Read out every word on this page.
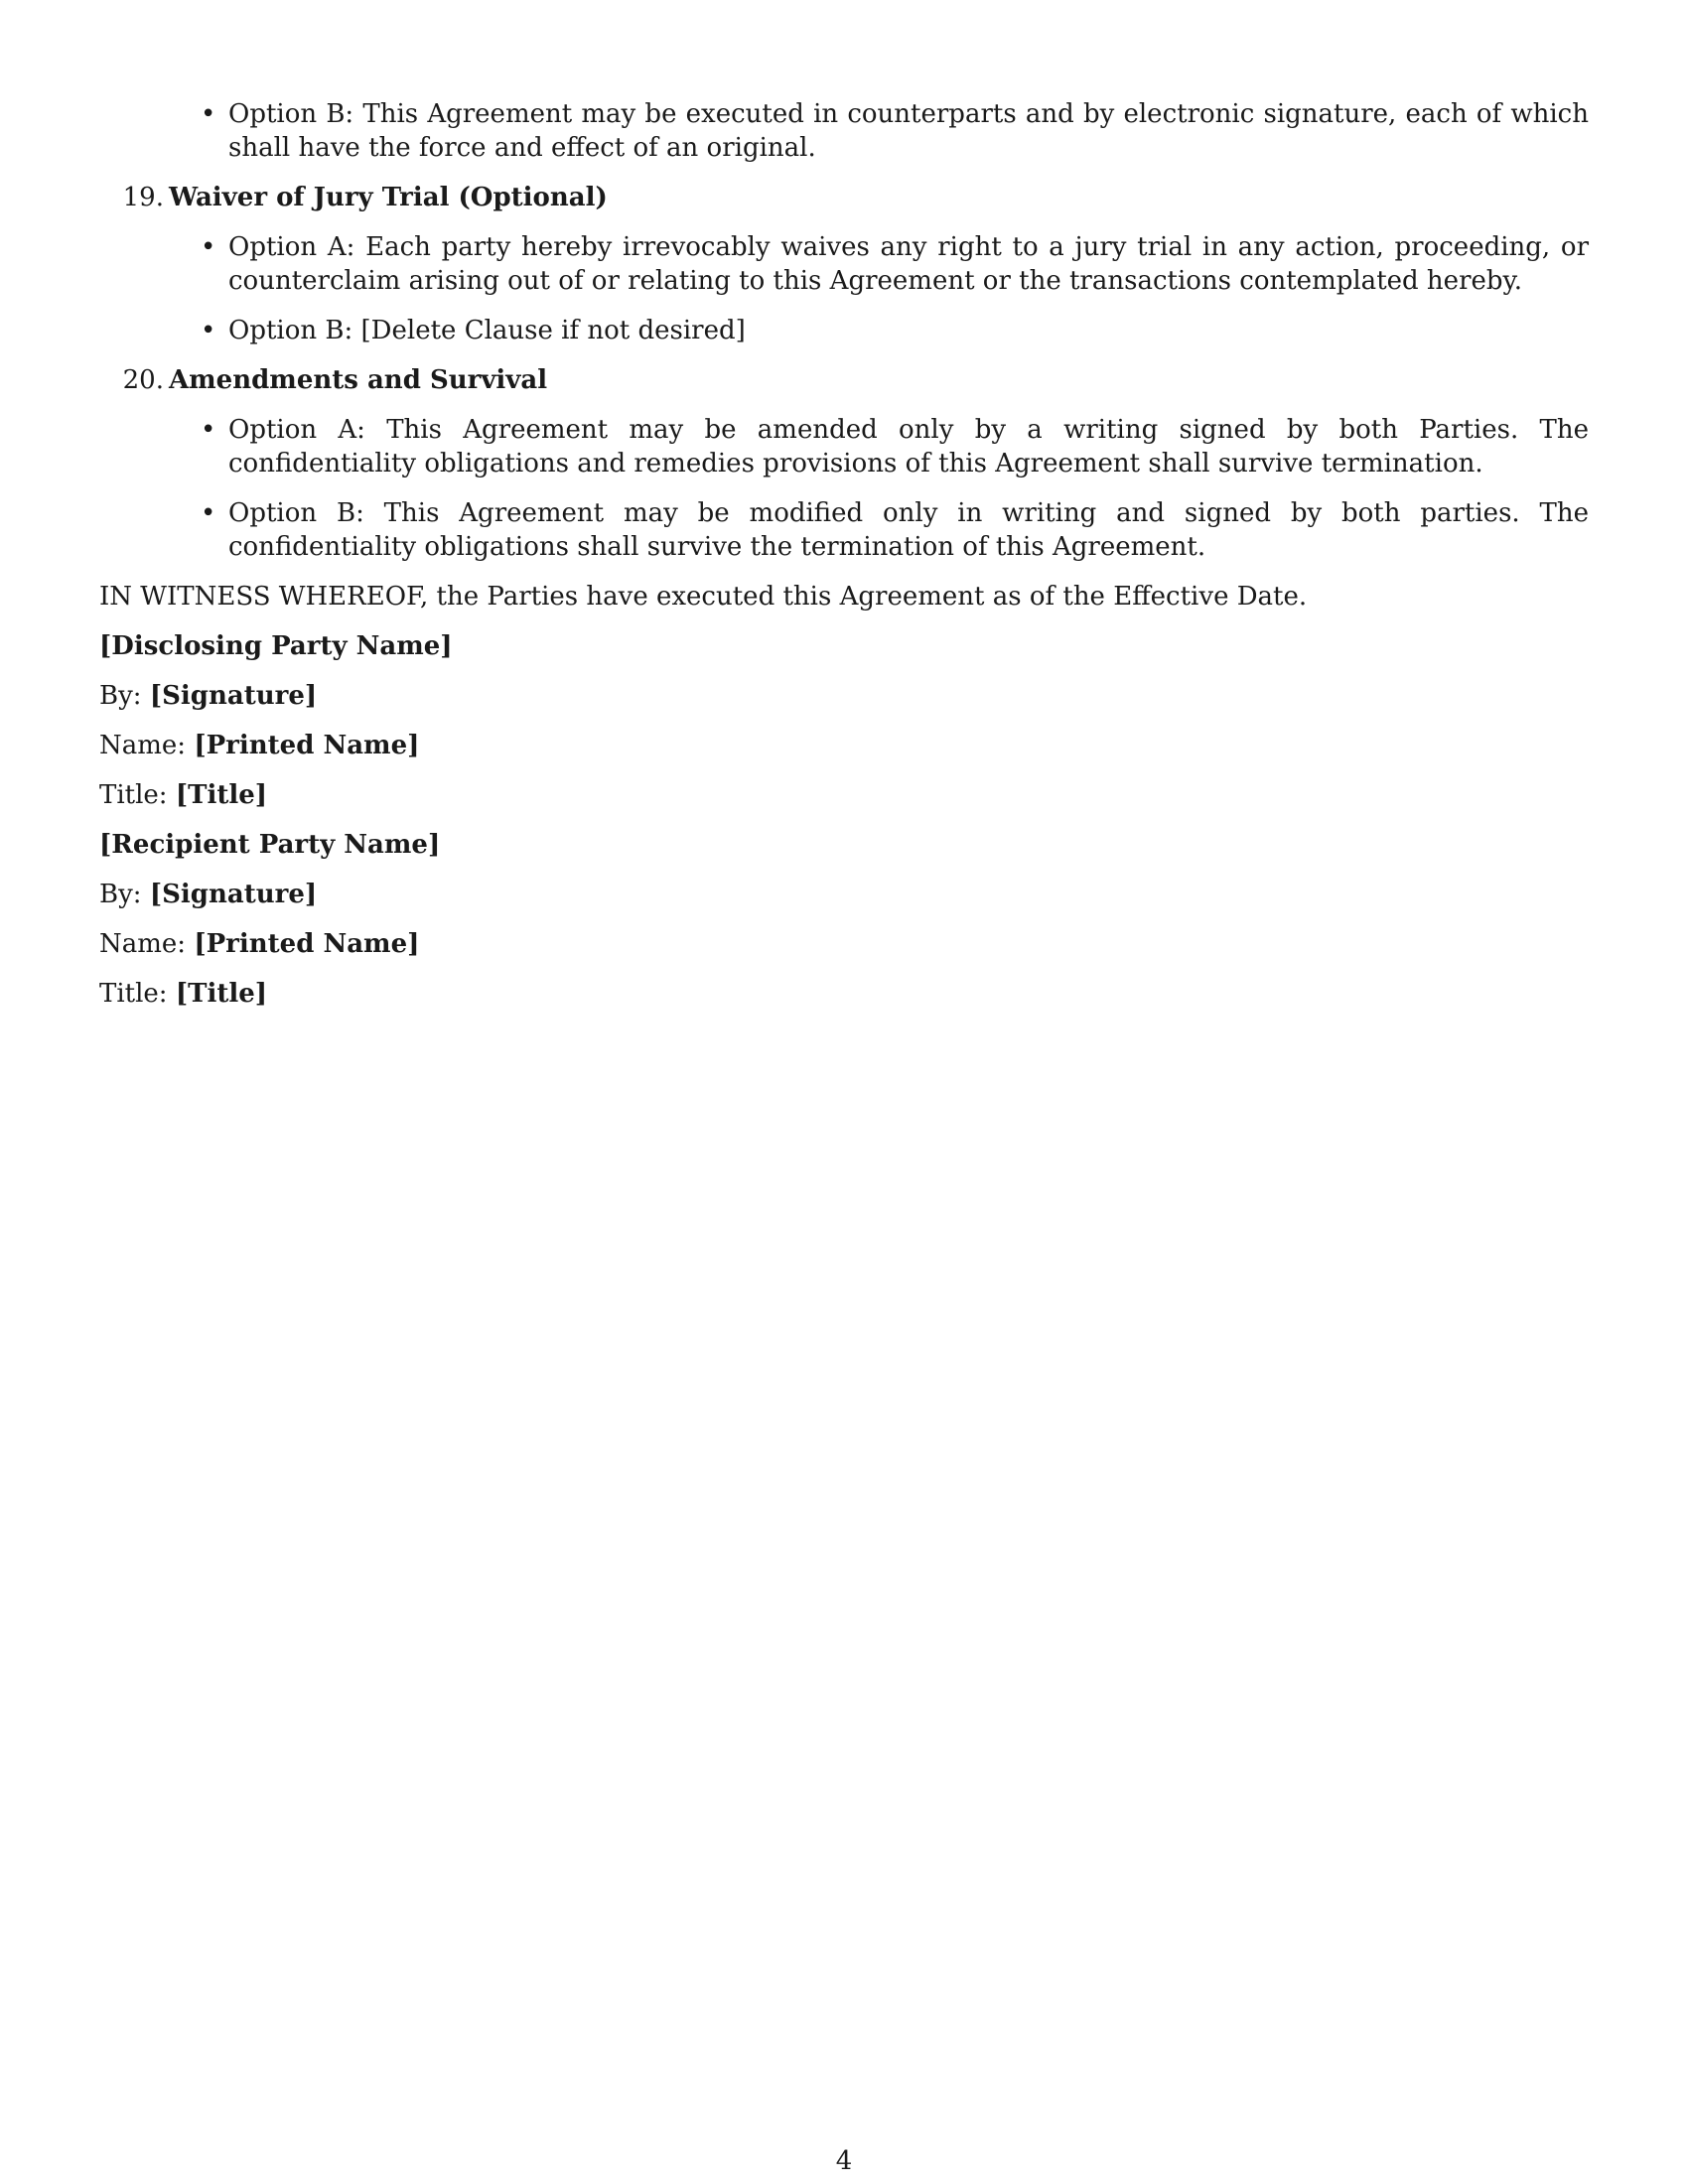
• Option B: This Agreement may be executed in counterparts and by electronic signature, each of which shall have the force and effect of an original.
19. Waiver of Jury Trial (Optional)
• Option A: Each party hereby irrevocably waives any right to a jury trial in any action, proceeding, or counterclaim arising out of or relating to this Agreement or the transactions contemplated hereby.
• Option B: [Delete Clause if not desired]
20. Amendments and Survival
• Option A: This Agreement may be amended only by a writing signed by both Parties. The confidentiality obligations and remedies provisions of this Agreement shall survive termination.
• Option B: This Agreement may be modified only in writing and signed by both parties. The confidentiality obligations shall survive the termination of this Agreement.

IN WITNESS WHEREOF, the Parties have executed this Agreement as of the Effective Date.

[Disclosing Party Name]

By: [Signature]

Name: [Printed Name]

Title: [Title]

[Recipient Party Name]

By: [Signature]

Name: [Printed Name]

Title: [Title]

4
